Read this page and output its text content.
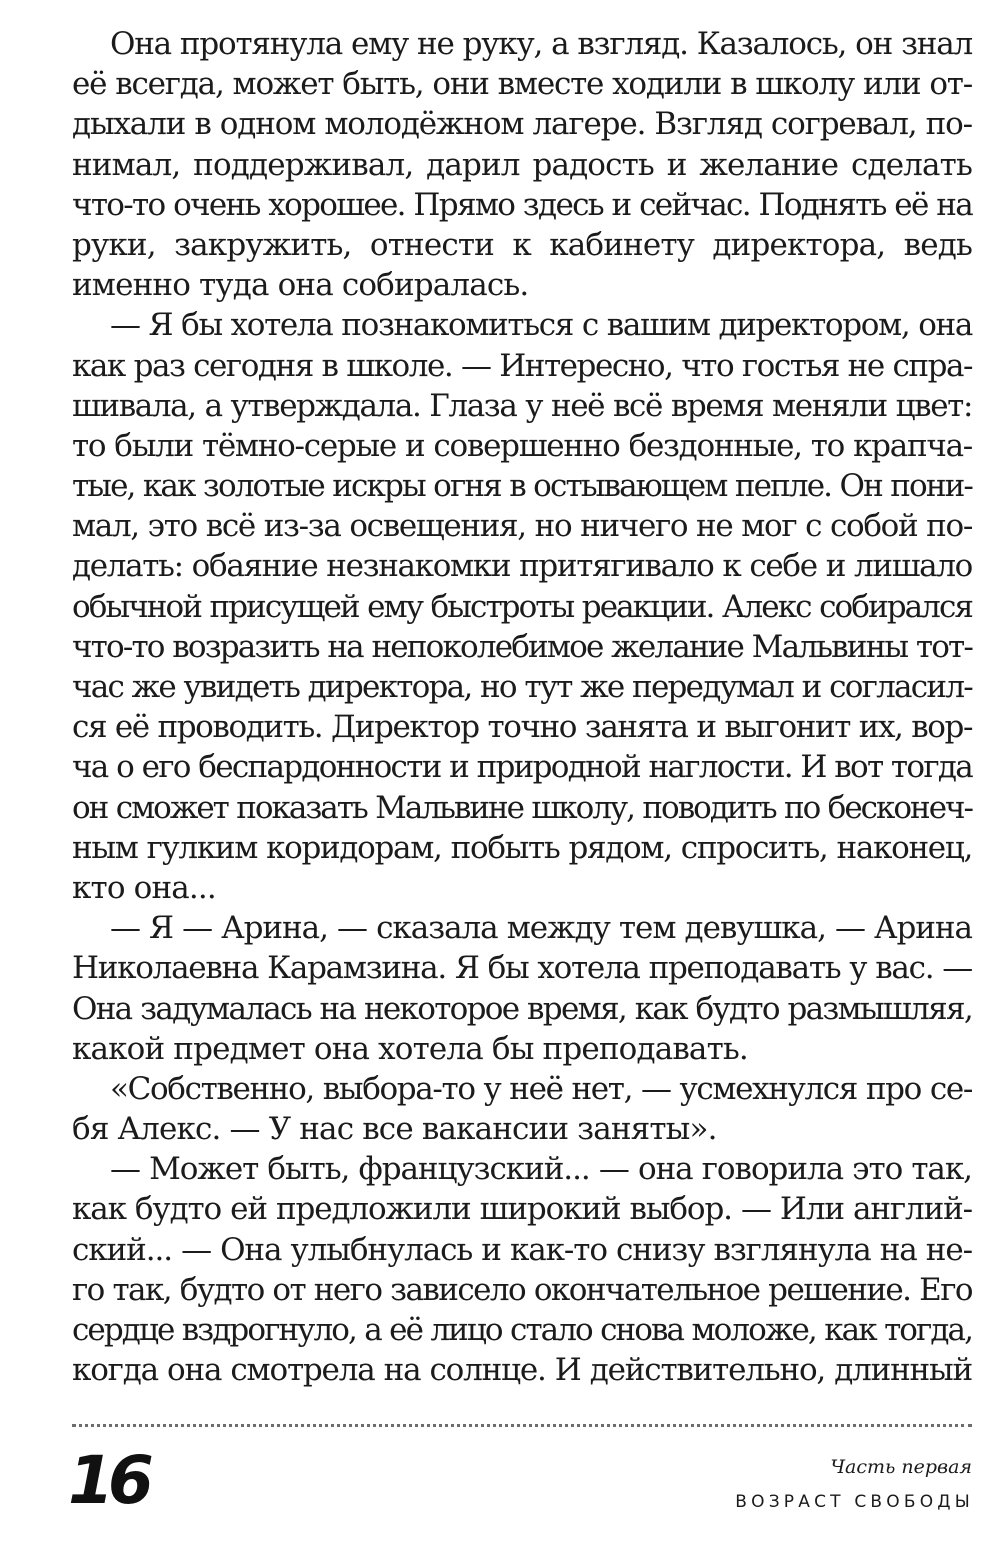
Она протянула ему не руку, а взгляд. Казалось, он знал
её всегда, может быть, они вместе ходили в школу или от-
дыхали в одном молодёжном лагере. Взгляд согревал, по-
нимал, поддерживал, дарил радость и желание сделать
что-то очень хорошее. Прямо здесь и сейчас. Поднять её на
руки, закружить, отнести к кабинету директора, ведь
именно туда она собиралась.

— Я бы хотела познакомиться с вашим директором, она
как раз сегодня в школе. — Интересно, что гостья не спра-
шивала, а утверждала. Глаза у неё всё время меняли цвет:
то были тёмно-серые и совершенно бездонные, то крапча-
тые, как золотые искры огня в остывающем пепле. Он пони-
мал, это всё из-за освещения, но ничего не мог с собой по-
делать: обаяние незнакомки притягивало к себе и лишало
обычной присущей ему быстроты реакции. Алекс собирался
что-то возразить на непоколебимое желание Мальвины тот-
час же увидеть директора, но тут же передумал и согласил-
ся её проводить. Директор точно занята и выгонит их, вор-
ча о его беспардонности и природной наглости. И вот тогда
он сможет показать Мальвине школу, поводить по бесконеч-
ным гулким коридорам, побыть рядом, спросить, наконец,
кто она...

— Я — Арина, — сказала между тем девушка, — Арина
Николаевна Карамзина. Я бы хотела преподавать у вас. —
Она задумалась на некоторое время, как будто размышляя,
какой предмет она хотела бы преподавать.

«Собственно, выбора-то у неё нет, — усмехнулся про се-
бя Алекс. — У нас все вакансии заняты».

— Может быть, французский... — она говорила это так,
как будто ей предложили широкий выбор. — Или англий-
ский... — Она улыбнулась и как-то снизу взглянула на не-
го так, будто от него зависело окончательное решение. Его
сердце вздрогнуло, а её лицо стало снова моложе, как тогда,
когда она смотрела на солнце. И действительно, длинный

16	Часть первая
ВОЗРАСТ СВОБОДЫ
